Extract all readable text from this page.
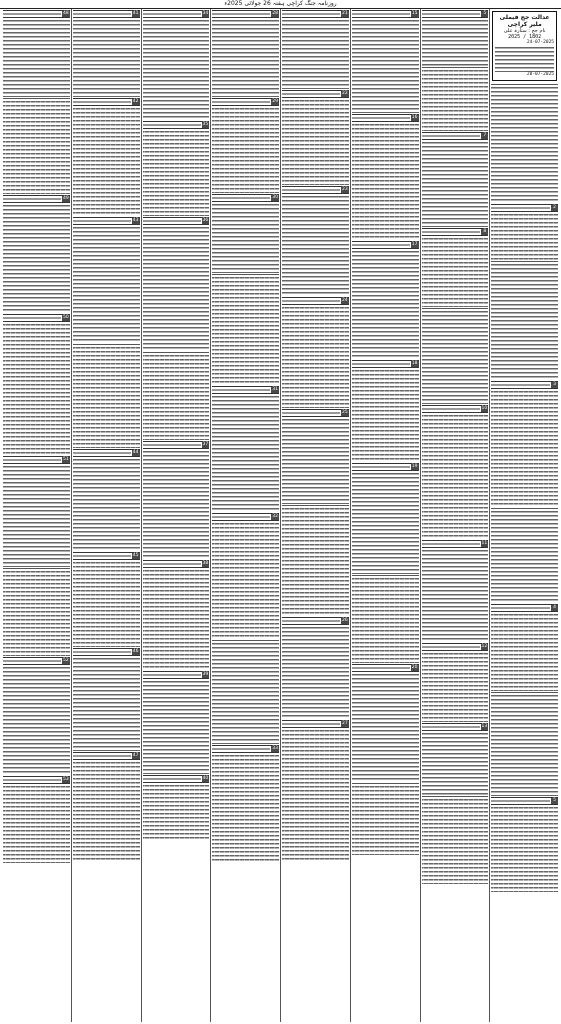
روزنامہ جنگ کراچی ہفتہ 26 جولائی 2025ء
عدالت جج فیملی ملیر کراچی
نام جج : ستارہ علی
1802 / 2025
24-07-2025
28-07-2025
2
3
4
5
5
7
8
10
11
12
13
15
16
17
18
19
20
21
22
23
24
25
26
27
28
29
30
31
32
33
34
35
36
37
38
39
40
41
42
43
44
45
46
47
48
49
50
51
52
53
